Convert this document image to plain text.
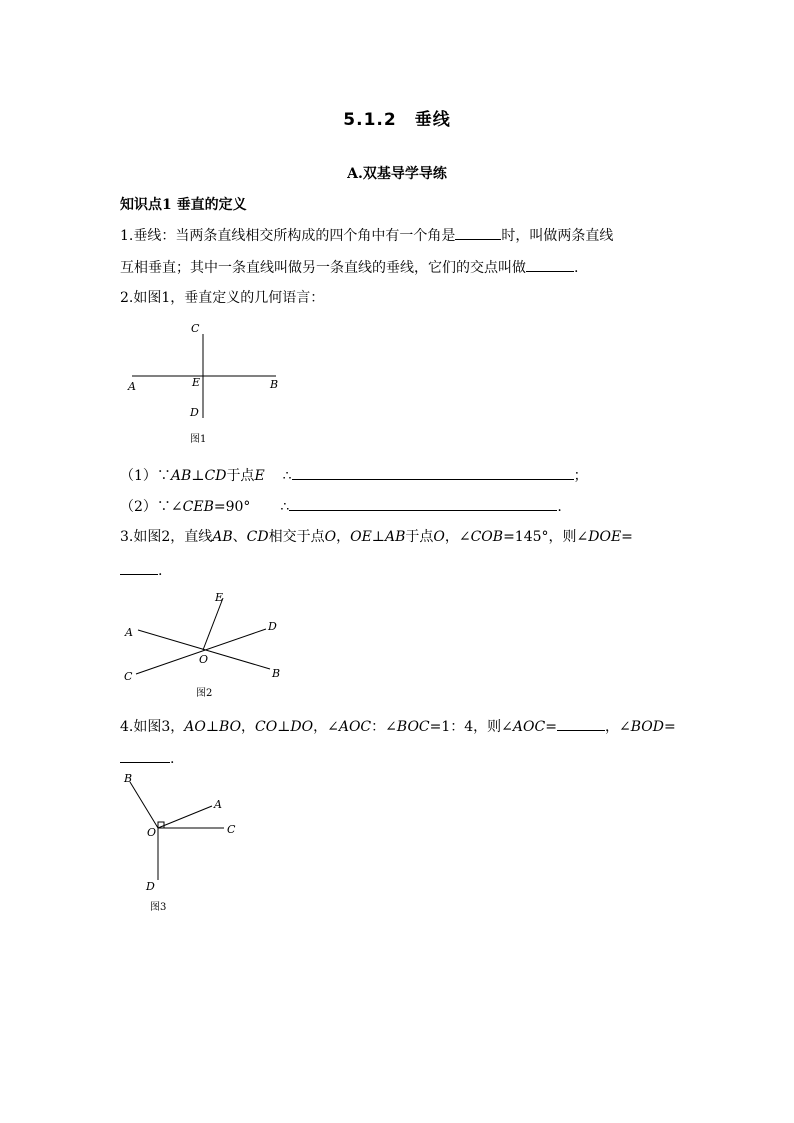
5.1.2　垂线
A.双基导学导练
知识点1 垂直的定义
1.垂线：当两条直线相交所构成的四个角中有一个角是	时，叫做两条直线
互相垂直；其中一条直线叫做另一条直线的垂线，它们的交点叫做	.
2.如图1，垂直定义的几何语言：
A	B
C
D
E
图1
（1）∵AB⊥CD于点E ∴	；
（2）∵∠CEB=90° ∴	.
3.如图2，直线AB、CD相交于点O，OE⊥AB于点O，∠COB=145°，则∠DOE=
.
A
B
C
D
E
O
图2
4.如图3，AO⊥BO，CO⊥DO，∠AOC：∠BOC=1：4，则∠AOC=	，∠BOD=
.
B
A
C
D
O
图3
